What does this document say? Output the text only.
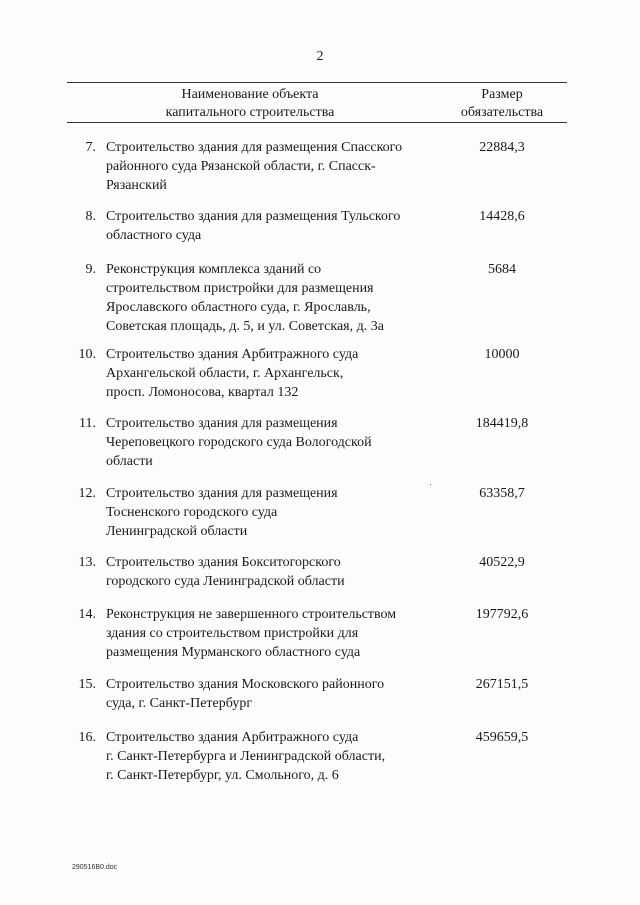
2
Наименование объекта
капитального строительства
Размер
обязательства
7. Строительство здания для размещения Спасского
районного суда Рязанской области, г. Спасск-
Рязанский
22884,3
8. Строительство здания для размещения Тульского
областного суда
14428,6
9. Реконструкция комплекса зданий со
строительством пристройки для размещения
Ярославского областного суда, г. Ярославль,
Советская площадь, д. 5, и ул. Советская, д. 3а
5684
10. Строительство здания Арбитражного суда
Архангельской области, г. Архангельск,
просп. Ломоносова, квартал 132
10000
11. Строительство здания для размещения
Череповецкого городского суда Вологодской
области
184419,8
12. Строительство здания для размещения
Тосненского городского суда
Ленинградской области
63358,7
13. Строительство здания Бокситогорского
городского суда Ленинградской области
40522,9
14. Реконструкция не завершенного строительством
здания со строительством пристройки для
размещения Мурманского областного суда
197792,6
15. Строительство здания Московского районного
суда, г. Санкт-Петербург
267151,5
16. Строительство здания Арбитражного суда
г. Санкт-Петербурга и Ленинградской области,
г. Санкт-Петербург, ул. Смольного, д. 6
459659,5
290516B0.doc
